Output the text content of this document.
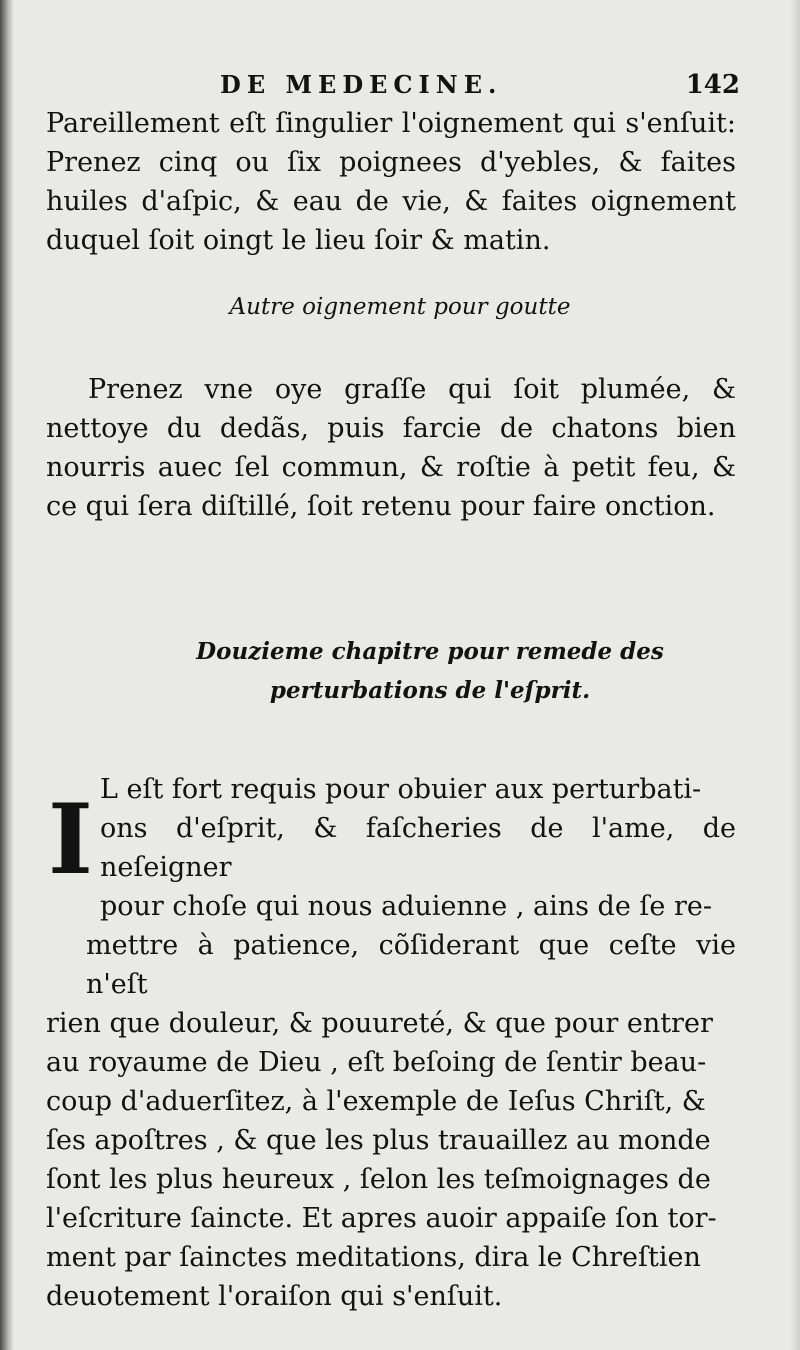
DE MEDECINE.	142
Pareillement eſt ſingulier l'oignement qui s'enſuit: Prenez cinq ou ſix poignees d'yebles, & faites huiles d'aſpic, & eau de vie, & faites oignement duquel ſoit oingt le lieu ſoir & matin.
Autre oignement pour goutte
Prenez vne oye graſſe qui ſoit plumée, & nettoye du dedãs, puis farcie de chatons bien nourris auec ſel commun, & roſtie à petit feu, & ce qui ſera diſtillé, ſoit retenu pour faire onction.
Douzieme chapitre pour remede des
perturbations de l'eſprit.
I L eſt fort requis pour obuier aux perturbati-
ons d'eſprit, & faſcheries de l'ame, de neſeigner
pour choſe qui nous aduienne , ains de ſe re-
mettre à patience, cõſiderant que ceſte vie n'eſt
rien que douleur, & pouureté, & que pour entrer
au royaume de Dieu , eſt beſoing de ſentir beau-
coup d'aduerſitez, à l'exemple de Ieſus Chriſt, &
ſes apoſtres , & que les plus trauaillez au monde
ſont les plus heureux , ſelon les teſmoignages de
l'eſcriture ſaincte. Et apres auoir appaiſe ſon tor-
ment par ſainctes meditations, dira le Chreſtien
deuotement l'oraiſon qui s'enſuit.
